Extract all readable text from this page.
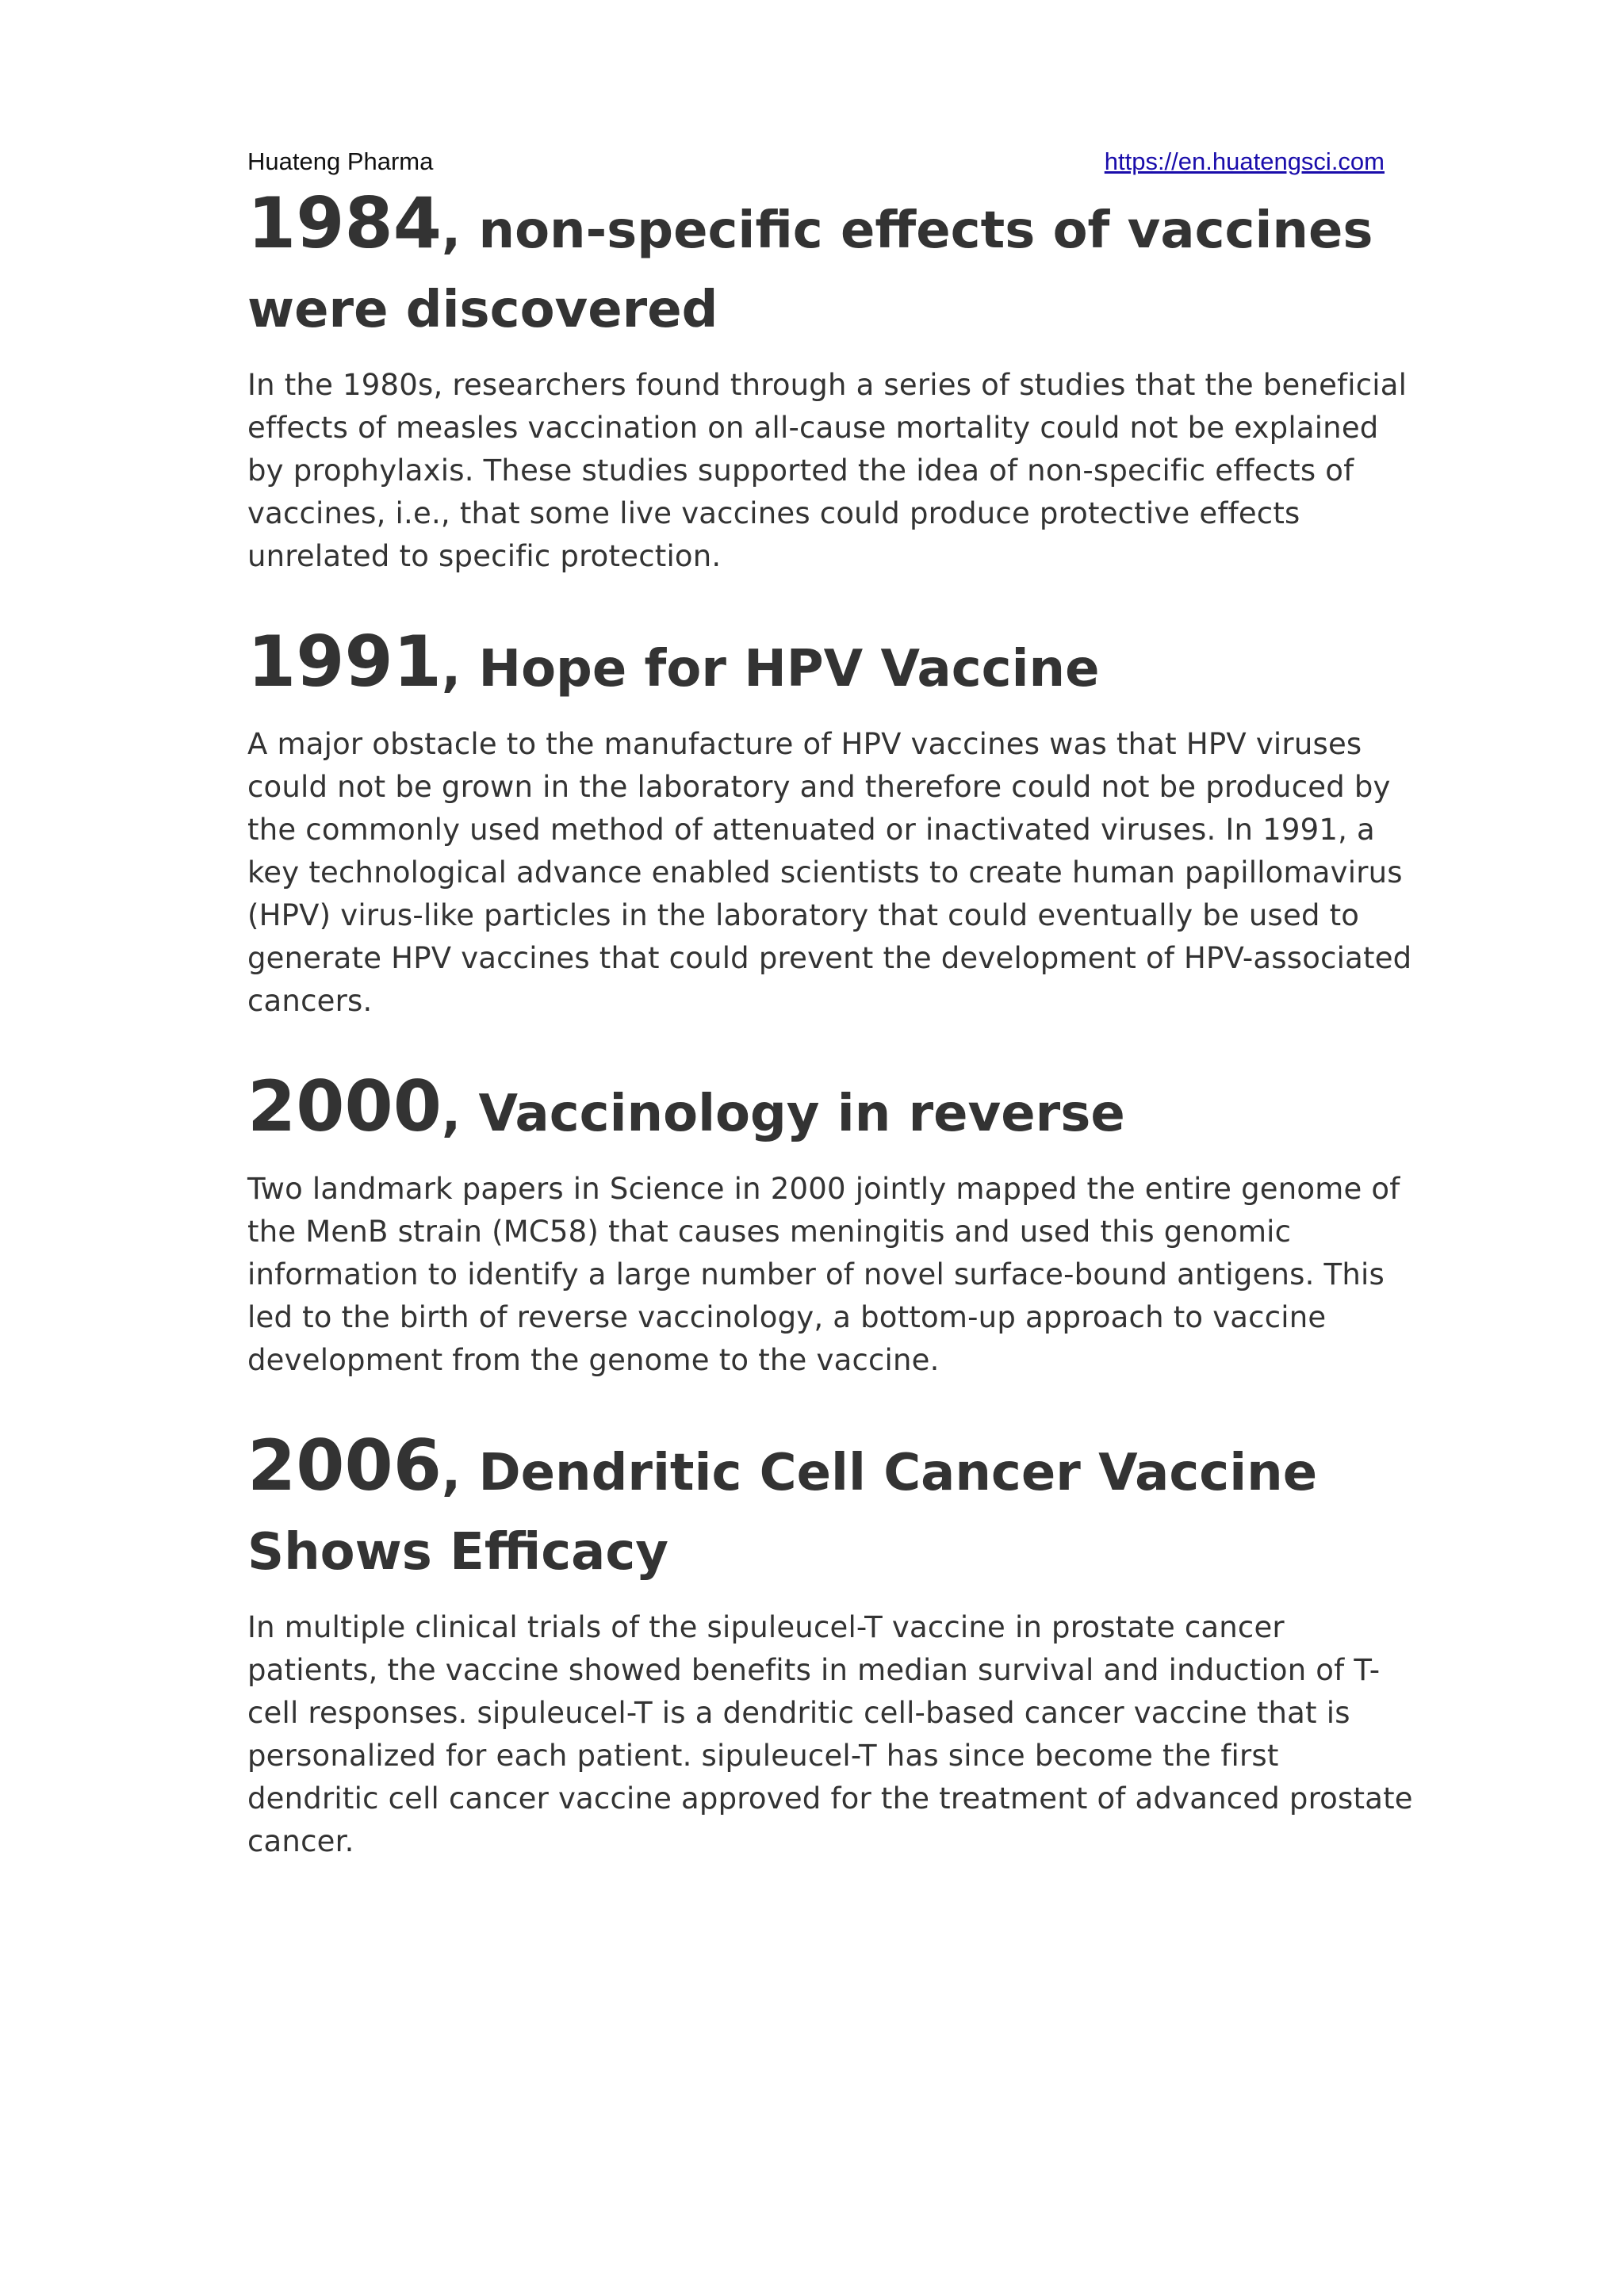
Huateng Pharma	https://en.huatengsci.com
1984, non-specific effects of vaccines were discovered

In the 1980s, researchers found through a series of studies that the beneficial effects of measles vaccination on all-cause mortality could not be explained by prophylaxis. These studies supported the idea of non-specific effects of vaccines, i.e., that some live vaccines could produce protective effects unrelated to specific protection.

1991, Hope for HPV Vaccine

A major obstacle to the manufacture of HPV vaccines was that HPV viruses could not be grown in the laboratory and therefore could not be produced by the commonly used method of attenuated or inactivated viruses. In 1991, a key technological advance enabled scientists to create human papillomavirus (HPV) virus-like particles in the laboratory that could eventually be used to generate HPV vaccines that could prevent the development of HPV-associated cancers.

2000, Vaccinology in reverse

Two landmark papers in Science in 2000 jointly mapped the entire genome of the MenB strain (MC58) that causes meningitis and used this genomic information to identify a large number of novel surface-bound antigens. This led to the birth of reverse vaccinology, a bottom-up approach to vaccine development from the genome to the vaccine.

2006, Dendritic Cell Cancer Vaccine Shows Efficacy

In multiple clinical trials of the sipuleucel-T vaccine in prostate cancer patients, the vaccine showed benefits in median survival and induction of T-cell responses. sipuleucel-T is a dendritic cell-based cancer vaccine that is personalized for each patient. sipuleucel-T has since become the first dendritic cell cancer vaccine approved for the treatment of advanced prostate cancer.
